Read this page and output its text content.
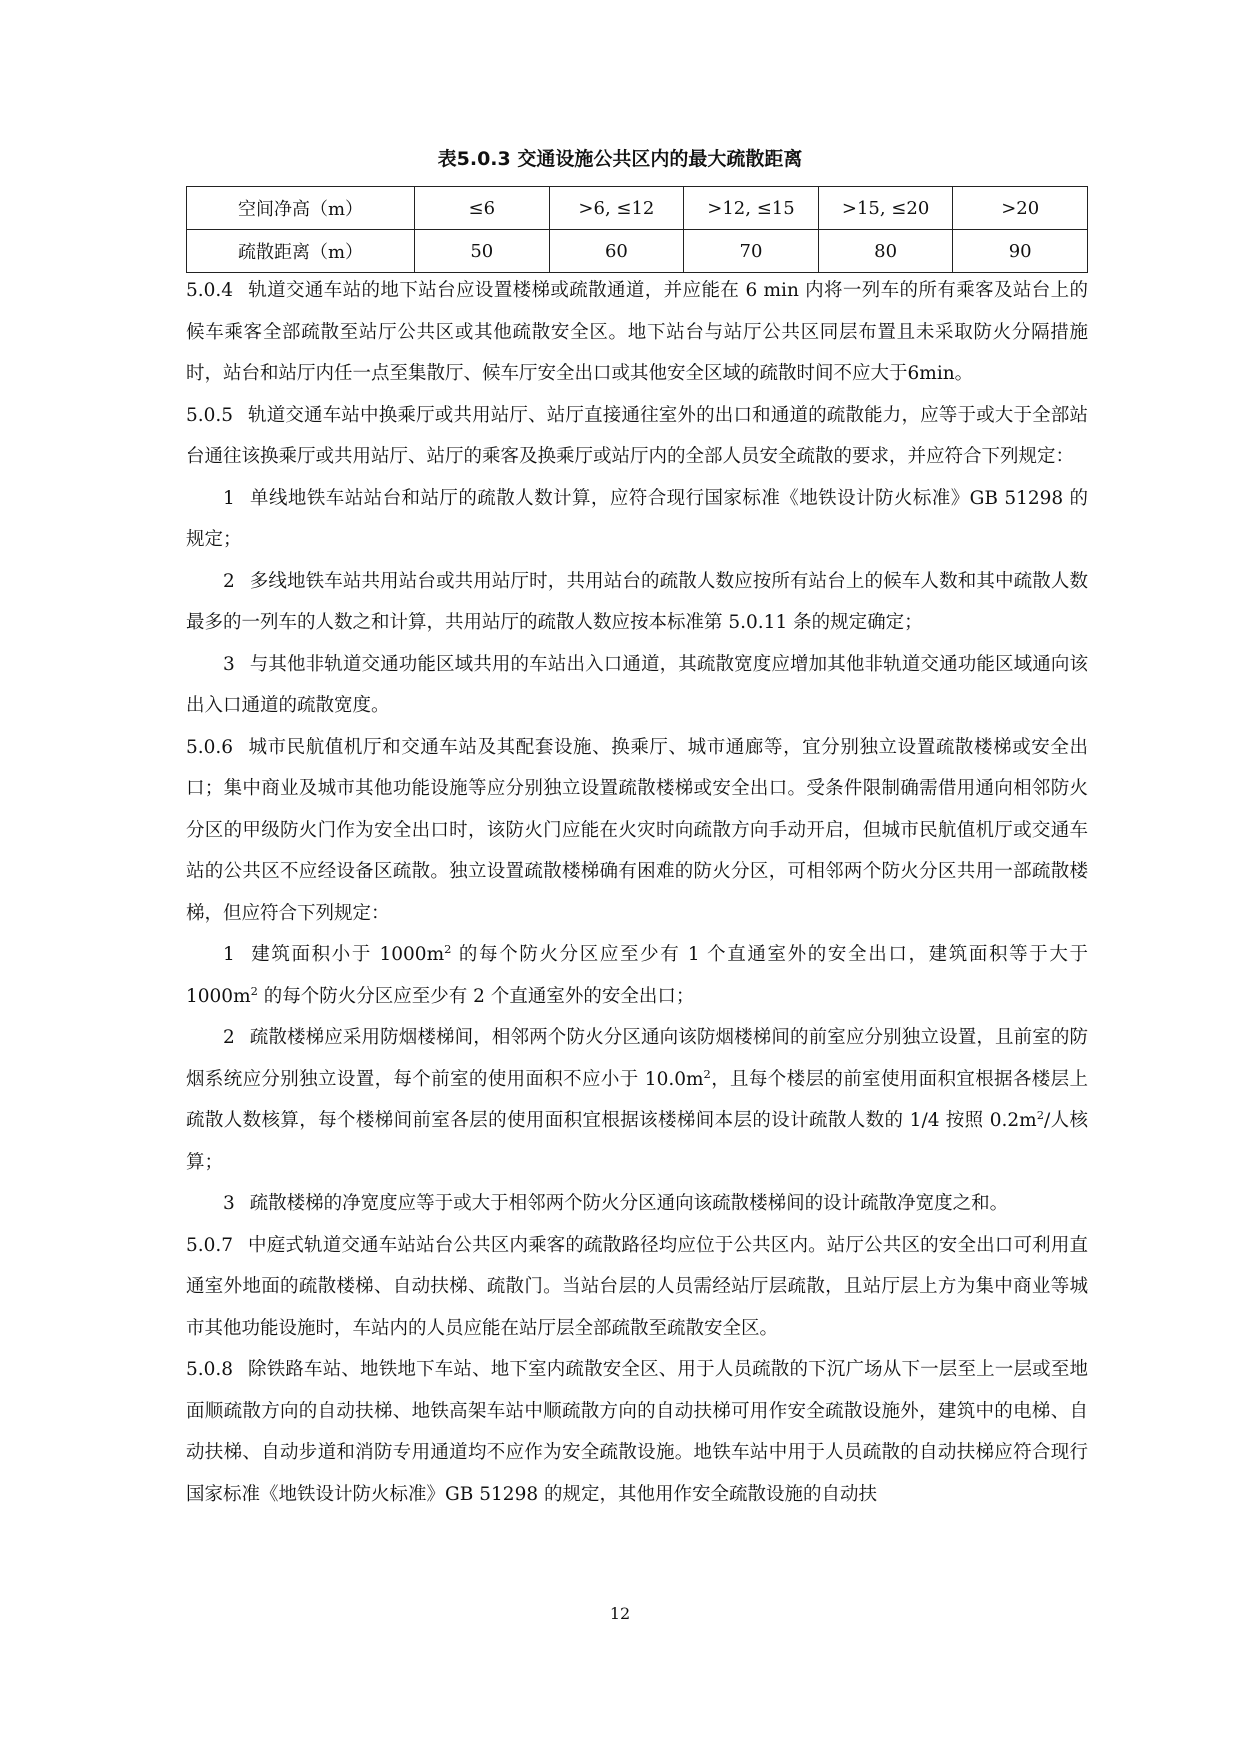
表5.0.3 交通设施公共区内的最大疏散距离
空间净高（m）	≤6	>6, ≤12	>12, ≤15	>15, ≤20	>20
疏散距离（m）	50	60	70	80	90

5.0.4 轨道交通车站的地下站台应设置楼梯或疏散通道，并应能在 6 min 内将一列车的所有乘客及站台上的候车乘客全部疏散至站厅公共区或其他疏散安全区。地下站台与站厅公共区同层布置且未采取防火分隔措施时，站台和站厅内任一点至集散厅、候车厅安全出口或其他安全区域的疏散时间不应大于6min。

5.0.5 轨道交通车站中换乘厅或共用站厅、站厅直接通往室外的出口和通道的疏散能力，应等于或大于全部站台通往该换乘厅或共用站厅、站厅的乘客及换乘厅或站厅内的全部人员安全疏散的要求，并应符合下列规定：

1 单线地铁车站站台和站厅的疏散人数计算，应符合现行国家标准《地铁设计防火标准》GB 51298 的规定；

2 多线地铁车站共用站台或共用站厅时，共用站台的疏散人数应按所有站台上的候车人数和其中疏散人数最多的一列车的人数之和计算，共用站厅的疏散人数应按本标准第 5.0.11 条的规定确定；

3 与其他非轨道交通功能区域共用的车站出入口通道，其疏散宽度应增加其他非轨道交通功能区域通向该出入口通道的疏散宽度。

5.0.6 城市民航值机厅和交通车站及其配套设施、换乘厅、城市通廊等，宜分别独立设置疏散楼梯或安全出口；集中商业及城市其他功能设施等应分别独立设置疏散楼梯或安全出口。受条件限制确需借用通向相邻防火分区的甲级防火门作为安全出口时，该防火门应能在火灾时向疏散方向手动开启，但城市民航值机厅或交通车站的公共区不应经设备区疏散。独立设置疏散楼梯确有困难的防火分区，可相邻两个防火分区共用一部疏散楼梯，但应符合下列规定：

1 建筑面积小于 $1000m^2$ 的每个防火分区应至少有 1 个直通室外的安全出口，建筑面积等于大于 $1000m^2$ 的每个防火分区应至少有 2 个直通室外的安全出口；

2 疏散楼梯应采用防烟楼梯间，相邻两个防火分区通向该防烟楼梯间的前室应分别独立设置，且前室的防烟系统应分别独立设置，每个前室的使用面积不应小于 $10.0m^2$，且每个楼层的前室使用面积宜根据各楼层上疏散人数核算，每个楼梯间前室各层的使用面积宜根据该楼梯间本层的设计疏散人数的 1/4 按照 $0.2m^2/$人核算；

3 疏散楼梯的净宽度应等于或大于相邻两个防火分区通向该疏散楼梯间的设计疏散净宽度之和。

5.0.7 中庭式轨道交通车站站台公共区内乘客的疏散路径均应位于公共区内。站厅公共区的安全出口可利用直通室外地面的疏散楼梯、自动扶梯、疏散门。当站台层的人员需经站厅层疏散，且站厅层上方为集中商业等城市其他功能设施时，车站内的人员应能在站厅层全部疏散至疏散安全区。

5.0.8 除铁路车站、地铁地下车站、地下室内疏散安全区、用于人员疏散的下沉广场从下一层至上一层或至地面顺疏散方向的自动扶梯、地铁高架车站中顺疏散方向的自动扶梯可用作安全疏散设施外，建筑中的电梯、自动扶梯、自动步道和消防专用通道均不应作为安全疏散设施。地铁车站中用于人员疏散的自动扶梯应符合现行国家标准《地铁设计防火标准》GB 51298 的规定，其他用作安全疏散设施的自动扶

12
